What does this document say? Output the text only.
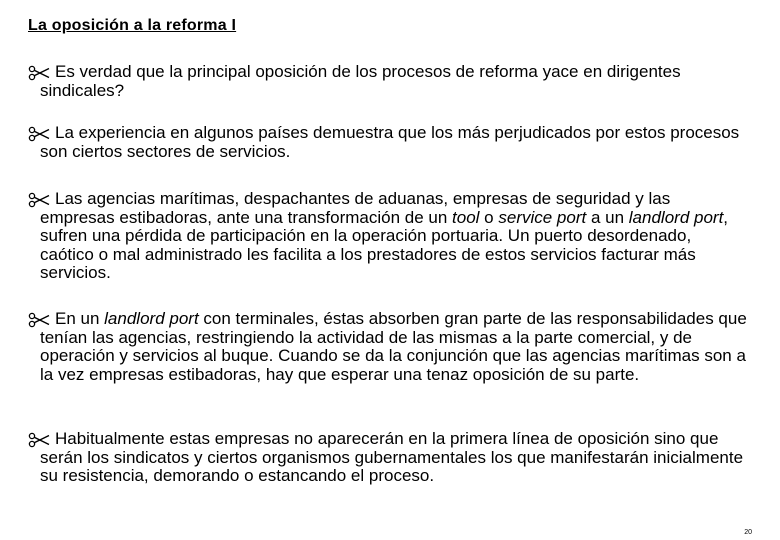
La oposición a la reforma I
Es verdad que la principal oposición de los procesos de reforma yace en dirigentes sindicales?
La experiencia en algunos países demuestra que los más perjudicados por estos procesos son ciertos sectores de servicios.
Las agencias marítimas, despachantes de aduanas, empresas de seguridad y las empresas estibadoras, ante una transformación de un tool o service port a un landlord port, sufren una pérdida de participación en la operación portuaria. Un puerto desordenado, caótico o mal administrado les facilita a los prestadores de estos servicios facturar más servicios.
En un landlord port con terminales, éstas absorben gran parte de las responsabilidades que tenían las agencias, restringiendo la actividad de las mismas a la parte comercial, y de operación y servicios al buque. Cuando se da la conjunción que las agencias marítimas son a la vez empresas estibadoras, hay que esperar una tenaz oposición de su parte.
Habitualmente estas empresas no aparecerán en la primera línea de oposición sino que serán los sindicatos y ciertos organismos gubernamentales los que manifestarán inicialmente su resistencia, demorando o estancando el proceso.
20
